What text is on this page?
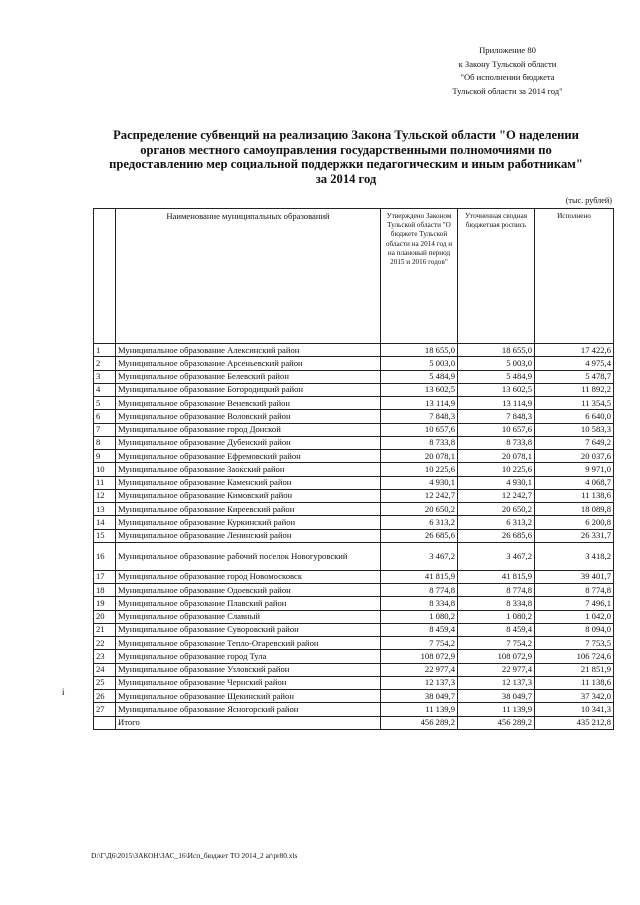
Приложение 80
к Закону Тульской области
"Об исполнении бюджета
Тульской области за 2014 год"
Распределение субвенций на реализацию Закона Тульской области "О наделении
органов местного самоуправления государственными полномочиями по
предоставлению мер социальной поддержки педагогическим и иным работникам"
за 2014 год
(тыс. рублей)
	Наименование муниципальных образований	Утверждено Законом Тульской области "О бюджете Тульской области на 2014 год и на плановый период 2015 и 2016 годов"	Уточненная сводная бюджетная роспись	Исполнено
1	Муниципальное образование Алексинский район	18 655,0	18 655,0	17 422,6
2	Муниципальное образование Арсеньевский район	5 003,0	5 003,0	4 975,4
3	Муниципальное образование Белевский район	5 484,9	5 484,9	5 478,7
4	Муниципальное образование Богородицкий район	13 602,5	13 602,5	11 892,2
5	Муниципальное образование Веневский район	13 114,9	13 114,9	11 354,5
6	Муниципальное образование Воловский район	7 848,3	7 848,3	6 640,0
7	Муниципальное образование город Донской	10 657,6	10 657,6	10 583,3
8	Муниципальное образование Дубенский район	8 733,8	8 733,8	7 649,2
9	Муниципальное образование Ефремовский район	20 078,1	20 078,1	20 037,6
10	Муниципальное образование Заокский район	10 225,6	10 225,6	9 971,0
11	Муниципальное образование Каменский район	4 930,1	4 930,1	4 068,7
12	Муниципальное образование Кимовский район	12 242,7	12 242,7	11 138,6
13	Муниципальное образование Киреевский район	20 650,2	20 650,2	18 089,8
14	Муниципальное образование Куркинский район	6 313,2	6 313,2	6 200,8
15	Муниципальное образование Ленинский район	26 685,6	26 685,6	26 331,7
16	Муниципальное образование рабочий поселок Новогуровский	3 467,2	3 467,2	3 418,2
17	Муниципальное образование город Новомосковск	41 815,9	41 815,9	39 401,7
18	Муниципальное образование Одоевский район	8 774,8	8 774,8	8 774,8
19	Муниципальное образование Плавский район	8 334,8	8 334,8	7 496,1
20	Муниципальное образование Славный	1 080,2	1 080,2	1 042,0
21	Муниципальное образование Суворовский район	8 459,4	8 459,4	8 094,0
22	Муниципальное образование Тепло-Огаревский район	7 754,2	7 754,2	7 753,5
23	Муниципальное образование город Тула	108 072,9	108 072,9	106 724,6
24	Муниципальное образование Узловский район	22 977,4	22 977,4	21 851,9
25	Муниципальное образование Чернский район	12 137,3	12 137,3	11 138,6
26	Муниципальное образование Щекинский район	38 049,7	38 049,7	37 342,0
27	Муниципальное образование Ясногорский район	11 139,9	11 139,9	10 341,3
	Итого	456 289,2	456 289,2	435 212,8
i
D:\Г\Д6\2015\ЗАКОН\ЗАС_16\Исп_бюджет ТО 2014_2 ar\pr80.xls
